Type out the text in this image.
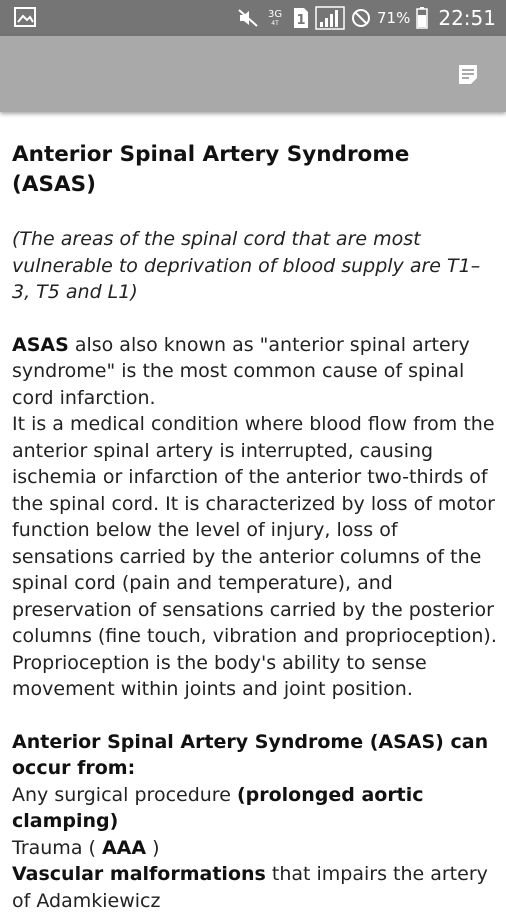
3G
4T	1	71% 22:51
Anterior Spinal Artery Syndrome (ASAS)

(The areas of the spinal cord that are most vulnerable to deprivation of blood supply are T1–3, T5 and L1)

ASAS also also known as "anterior spinal artery syndrome" is the most common cause of spinal cord infarction.

It is a medical condition where blood flow from the anterior spinal artery is interrupted, causing ischemia or infarction of the anterior two-thirds of the spinal cord. It is characterized by loss of motor function below the level of injury, loss of sensations carried by the anterior columns of the spinal cord (pain and temperature), and preservation of sensations carried by the posterior columns (fine touch, vibration and proprioception). Proprioception is the body's ability to sense movement within joints and joint position.

Anterior Spinal Artery Syndrome (ASAS) can occur from:

Any surgical procedure (prolonged aortic clamping)

Trauma ( AAA )

Vascular malformations that impairs the artery of Adamkiewicz
